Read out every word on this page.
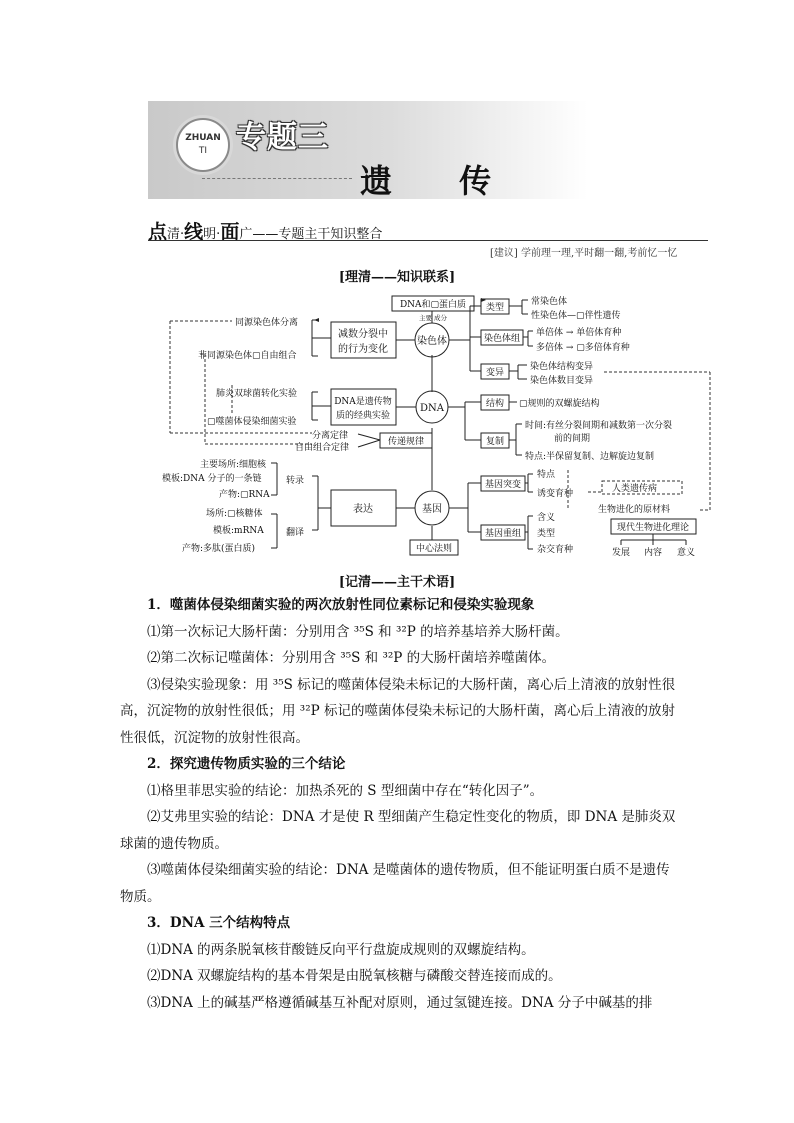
ZHUAN
TI 专题三
遗 传
点清·线明·面广——专题主干知识整合
[建议] 学前理一理,平时翻一翻,考前忆一忆
[理清——知识联系]
染色体
DNA
基因
DNA和▢蛋白质
主要 成分
减数分裂中
的行为变化
同源染色体分离
非同源染色体▢自由组合
类型
常染色体
性染色体—▢伴性遗传
染色体组
单倍体 → 单倍体育种
多倍体 → ▢多倍体育种
变异
染色体结构变异
染色体数目变异
DNA是遗传物
质的经典实验
肺炎双球菌转化实验
▢噬菌体侵染细菌实验
结构 ▢规则的双螺旋结构
复制
时间:有丝分裂间期和减数第一次分裂
前的间期
特点:半保留复制、边解旋边复制
传递规律
分离定律
自由组合定律
表达
转录
翻译
主要场所:细胞核
模板:DNA 分子的一条链
产物:▢RNA
场所:▢核糖体
模板:mRNA
产物:多肽(蛋白质)	中心法则
基因突变
特点
诱变育种	人类遗传病
生物进化的原材料
基因重组
含义
类型
杂交育种
现代生物进化理论
发展 内容 意义
[记清——主干术语]

1．噬菌体侵染细菌实验的两次放射性同位素标记和侵染实验现象

⑴第一次标记大肠杆菌：分别用含 ³⁵S 和 ³²P 的培养基培养大肠杆菌。

⑵第二次标记噬菌体：分别用含 ³⁵S 和 ³²P 的大肠杆菌培养噬菌体。

⑶侵染实验现象：用 ³⁵S 标记的噬菌体侵染未标记的大肠杆菌，离心后上清液的放射性很高，沉淀物的放射性很低；用 ³²P 标记的噬菌体侵染未标记的大肠杆菌，离心后上清液的放射性很低，沉淀物的放射性很高。

2．探究遗传物质实验的三个结论

⑴格里菲思实验的结论：加热杀死的 S 型细菌中存在“转化因子”。

⑵艾弗里实验的结论：DNA 才是使 R 型细菌产生稳定性变化的物质，即 DNA 是肺炎双球菌的遗传物质。

⑶噬菌体侵染细菌实验的结论：DNA 是噬菌体的遗传物质，但不能证明蛋白质不是遗传物质。

3．DNA 三个结构特点

⑴DNA 的两条脱氧核苷酸链反向平行盘旋成规则的双螺旋结构。

⑵DNA 双螺旋结构的基本骨架是由脱氧核糖与磷酸交替连接而成的。

⑶DNA 上的碱基严格遵循碱基互补配对原则，通过氢键连接。DNA 分子中碱基的排
